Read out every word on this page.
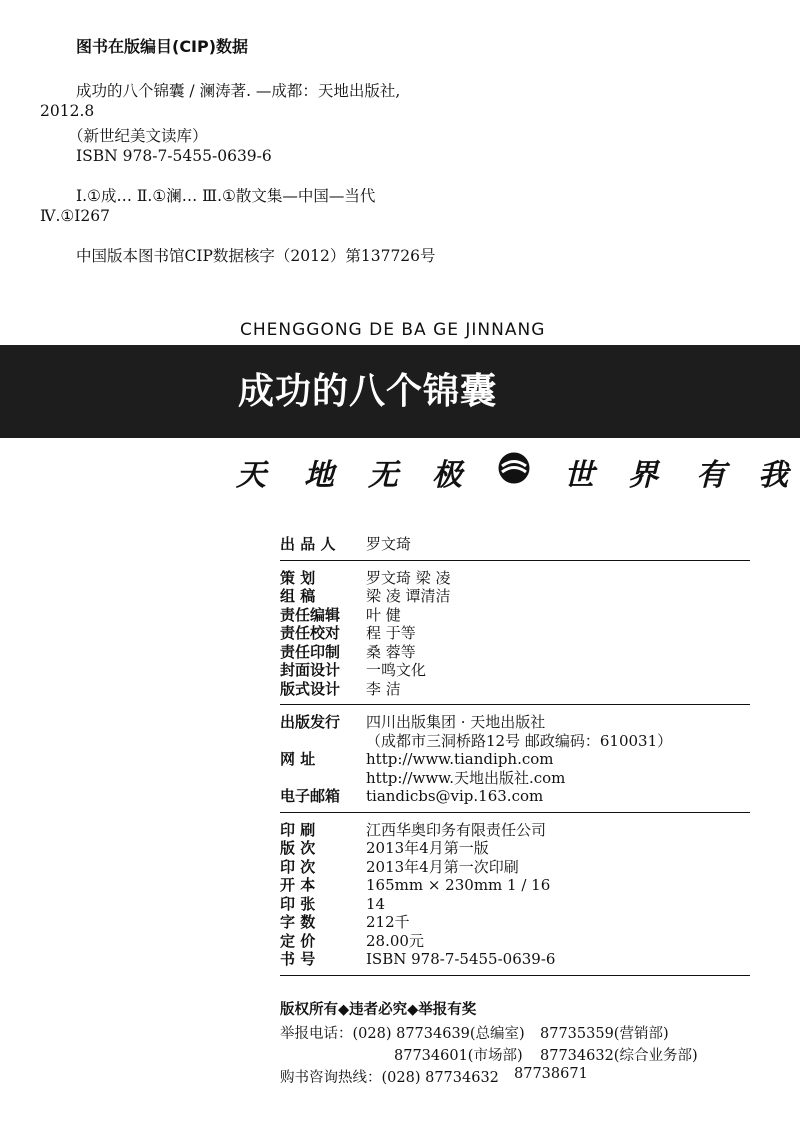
图书在版编目(CIP)数据
成功的八个锦囊 / 澜涛著. —成都：天地出版社,
2012.8
（新世纪美文读库）
ISBN 978-7-5455-0639-6
Ⅰ.①成… Ⅱ.①澜… Ⅲ.①散文集—中国—当代
Ⅳ.①I267
中国版本图书馆CIP数据核字（2012）第137726号
CHENGGONG DE BA GE JINNANG
成功的八个锦囊
天 地 无 极	世 界 有 我
出 品 人	罗文琦
策 划	罗文琦 梁 凌
组 稿	梁 凌 谭清洁
责任编辑	叶 健
责任校对	程 于等
责任印制	桑 蓉等
封面设计	一鸣文化
版式设计	李 洁
出版发行	四川出版集团 · 天地出版社
（成都市三洞桥路12号 邮政编码：610031）
网 址	http://www.tiandiph.com
http://www.天地出版社.com
电子邮箱	tiandicbs@vip.163.com
印 刷	江西华奥印务有限责任公司
版 次	2013年4月第一版
印 次	2013年4月第一次印刷
开 本	165mm × 230mm 1 / 16
印 张	14
字 数	212千
定 价	28.00元
书 号	ISBN 978-7-5455-0639-6
版权所有◆违者必究◆举报有奖
举报电话：(028) 87734639(总编室) 87735359(营销部)
87734601(市场部) 87734632(综合业务部)
购书咨询热线：(028) 87734632 87738671
